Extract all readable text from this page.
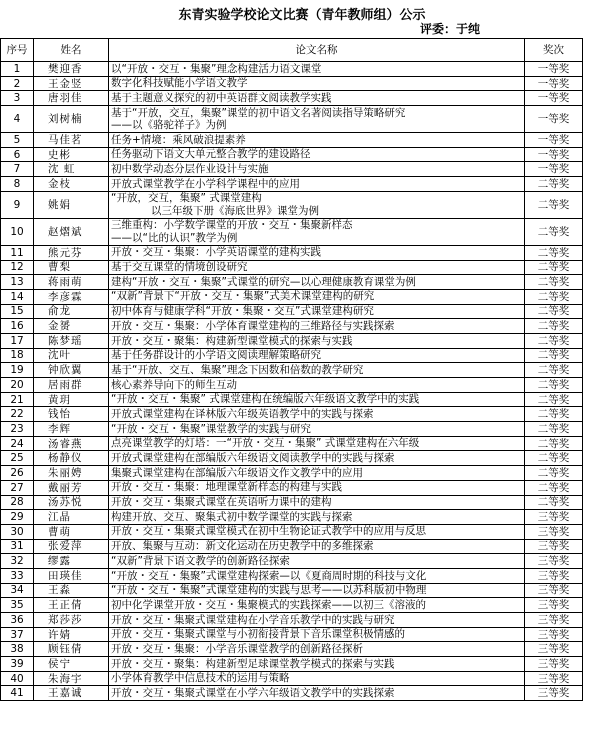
东青实验学校论文比赛（青年教师组）公示
评委：于纯
序号	姓名	论文名称	奖次
1	樊迎香	以“开放・交互・集聚”理念构建活力语文课堂	一等奖
2	王金竖	数字化科技赋能小学语文教学	一等奖
3	唐羽佳	基于主题意义探究的初中英语群文阅读教学实践	一等奖
4	刘树楠	基于“开放，交互，集聚”课堂的初中语文名著阅读指导策略研究
——以《骆驼祥子》为例	一等奖
5	马佳茗	任务+情境：乘风破浪提素养	一等奖
6	史彬	任务驱动下语文大单元整合教学的建设路径	一等奖
7	沈 虹	初中数学动态分层作业设计与实施	一等奖
8	金枝	开放式课堂教学在小学科学课程中的应用	二等奖
9	姚娟	“开放，交互，集聚” 式课堂建构
以三年级下册《海底世界》课堂为例	二等奖
10	赵熠斌	三维重构：小学数学课堂的开放・交互・集聚新样态
——以“比的认识”教学为例	二等奖
11	熊元芬	开放・交互・集聚：小学英语课堂的建构实践	二等奖
12	曹梨	基于交互课堂的情境创设研究	二等奖
13	蒋雨萌	建构“开放・交互・集聚”式课堂的研究—以心理健康教育课堂为例	二等奖
14	李彦霖	“双新”背景下“开放・交互・集聚”式美术课堂建构的研究	二等奖
15	俞龙	初中体育与健康学科“开放・集聚・交互”式课堂建构研究	二等奖
16	金赟	开放・交互・集聚：小学体育课堂建构的三维路径与实践探索	二等奖
17	陈梦瑶	开放・交互・聚集：构建新型课堂模式的探索与实践	二等奖
18	沈叶	基于任务群设计的小学语文阅读理解策略研究	二等奖
19	钟欣翼	基于“开放、交互、集聚”理念下因数和倍数的教学研究	二等奖
20	居雨群	核心素养导向下的师生互动	二等奖
21	黄玥	“开放・交互・集聚” 式课堂建构在统编版六年级语文教学中的实践	二等奖
22	钱怡	开放式课堂建构在译林版六年级英语教学中的实践与探索	二等奖
23	李辉	“开放・交互・集聚”课堂教学的实践与研究	二等奖
24	汤睿燕	点亮课堂教学的灯塔：一“开放・交互・集聚” 式课堂建构在六年级	二等奖
25	杨静仪	开放式课堂建构在部编版六年级语文阅读教学中的实践与探索	二等奖
26	朱丽娉	集聚式课堂建构在部编版六年级语文作文教学中的应用	二等奖
27	戴丽芳	开放・交互・集聚：地理课堂新样态的构建与实践	二等奖
28	汤苏悦	开放・交互・集聚式课堂在英语听力课中的建构	二等奖
29	江晶	构建开放、交互、聚集式初中数学课堂的实践与探索	三等奖
30	曹萌	开放・交互・集聚式课堂模式在初中生物论证式教学中的应用与反思	三等奖
31	张爱萍	开放、集聚与互动：新文化运动在历史教学中的多维探索	三等奖
32	缪露	“双新”背景下语文教学的创新路径探索	三等奖
33	田瑛佳	“开放・交互・集聚”式课堂建构探索—以《夏商周时期的科技与文化	三等奖
34	王淼	“开放・交互・集聚”式课堂建构的实践与思考——以苏科版初中物理	三等奖
35	王正倩	初中化学课堂开放・交互・集聚模式的实践探索——以初三《溶液的	三等奖
36	郑莎莎	开放・交互・集聚式课堂建构在小学音乐教学中的实践与研究	三等奖
37	许婧	开放・交互・集聚式课堂与小初衔接背景下音乐课堂积极情感的	三等奖
38	顾钰倩	开放・交互・集聚：小学音乐课堂教学的创新路径探析	三等奖
39	侯宁	开放・交互・聚集：构建新型足球课堂教学模式的探索与实践	三等奖
40	朱海宇	小学体育教学中信息技术的运用与策略	三等奖
41	王嘉诚	开放・交互・集聚式课堂在小学六年级语文教学中的实践探索	三等奖
